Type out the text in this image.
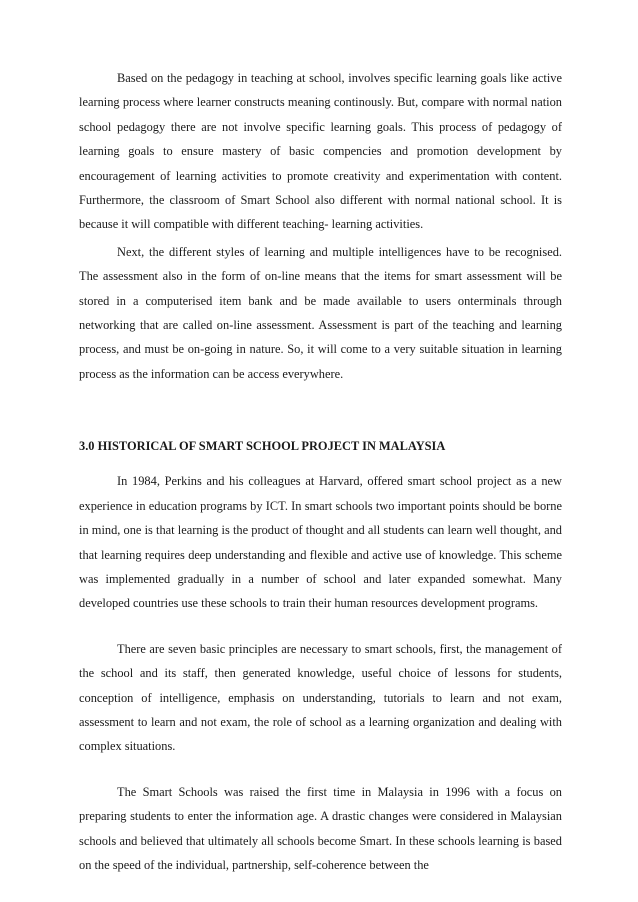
Based on the pedagogy in teaching at school, involves specific learning goals like active learning process where learner constructs meaning continously. But, compare with normal nation school pedagogy there are not involve specific learning goals. This process of pedagogy of learning goals to ensure mastery of basic compencies and promotion development by encouragement of learning activities to promote creativity and experimentation with content. Furthermore, the classroom of Smart School also different with normal national school. It is because it will compatible with different teaching- learning activities.

Next, the different styles of learning and multiple intelligences have to be recognised. The assessment also in the form of on-line means that the items for smart assessment will be stored in a computerised item bank and be made available to users onterminals through networking that are called on-line assessment. Assessment is part of the teaching and learning process, and must be on-going in nature. So, it will come to a very suitable situation in learning process as the information can be access everywhere.

3.0 HISTORICAL OF SMART SCHOOL PROJECT IN MALAYSIA

In 1984, Perkins and his colleagues at Harvard, offered smart school project as a new experience in education programs by ICT. In smart schools two important points should be borne in mind, one is that learning is the product of thought and all students can learn well thought, and that learning requires deep understanding and flexible and active use of knowledge. This scheme was implemented gradually in a number of school and later expanded somewhat. Many developed countries use these schools to train their human resources development programs.

There are seven basic principles are necessary to smart schools, first, the management of the school and its staff, then generated knowledge, useful choice of lessons for students, conception of intelligence, emphasis on understanding, tutorials to learn and not exam, assessment to learn and not exam, the role of school as a learning organization and dealing with complex situations.

The Smart Schools was raised the first time in Malaysia in 1996 with a focus on preparing students to enter the information age. A drastic changes were considered in Malaysian schools and believed that ultimately all schools become Smart. In these schools learning is based on the speed of the individual, partnership, self-coherence between the
